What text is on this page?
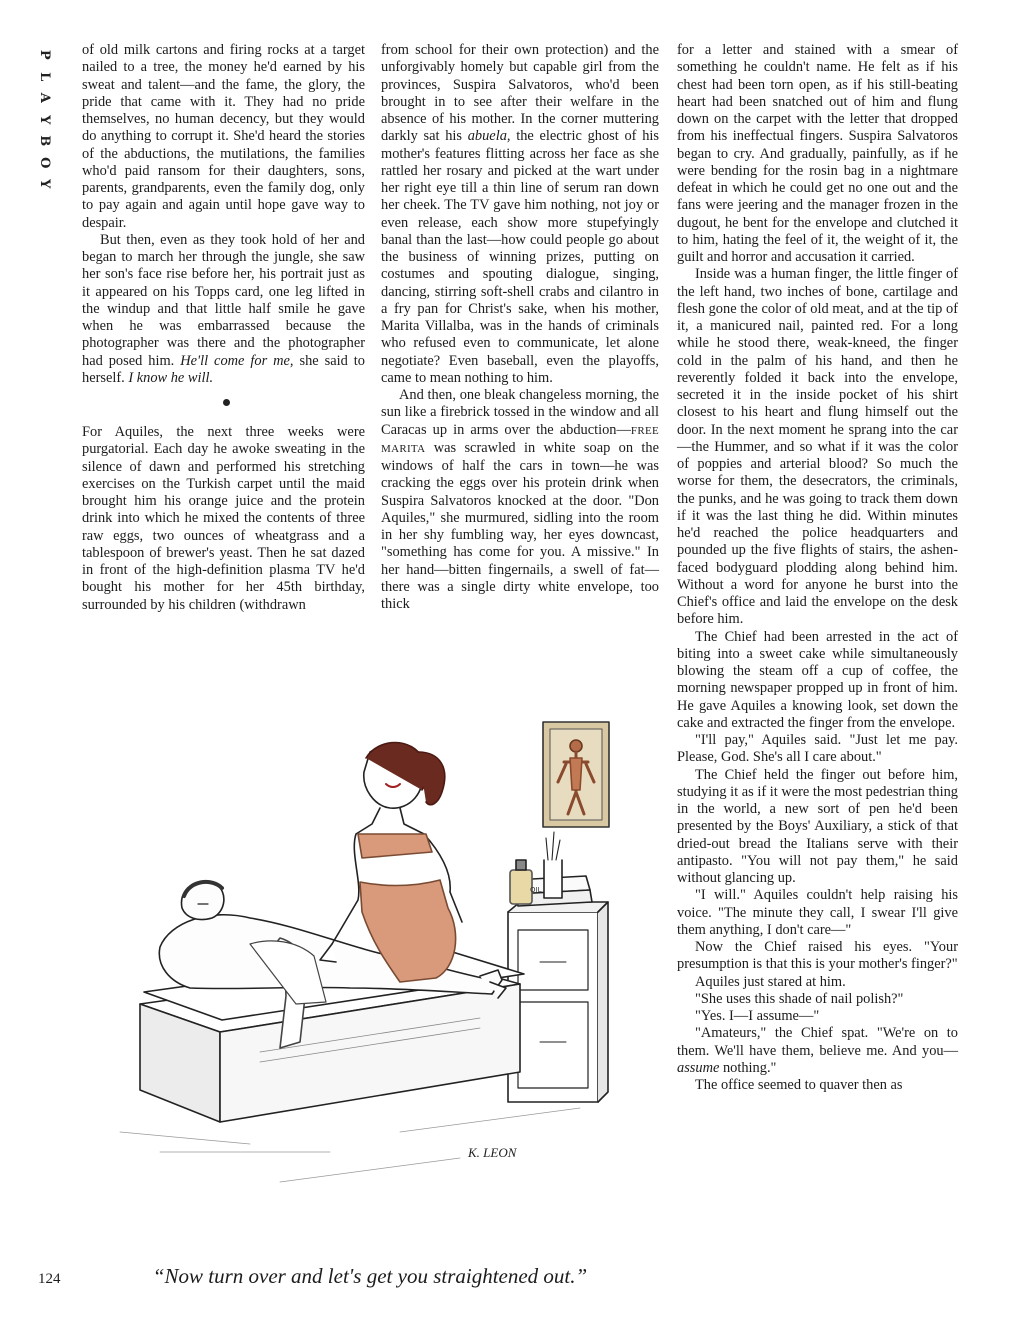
P
L
A
Y
B
O
Y

of old milk cartons and firing rocks at a target nailed to a tree, the money he'd earned by his sweat and talent—and the fame, the glory, the pride that came with it. They had no pride themselves, no human decency, but they would do anything to corrupt it. She'd heard the stories of the abductions, the mutilations, the families who'd paid ransom for their daughters, sons, parents, grandparents, even the family dog, only to pay again and again until hope gave way to despair.

But then, even as they took hold of her and began to march her through the jungle, she saw her son's face rise before her, his portrait just as it appeared on his Topps card, one leg lifted in the windup and that little half smile he gave when he was embarrassed because the photographer was there and the photographer had posed him. He'll come for me, she said to herself. I know he will.

For Aquiles, the next three weeks were purgatorial. Each day he awoke sweating in the silence of dawn and performed his stretching exercises on the Turkish carpet until the maid brought him his orange juice and the protein drink into which he mixed the contents of three raw eggs, two ounces of wheatgrass and a tablespoon of brewer's yeast. Then he sat dazed in front of the high-definition plasma TV he'd bought his mother for her 45th birthday, surrounded by his children (withdrawn

from school for their own protection) and the unforgivably homely but capable girl from the provinces, Suspira Salvatoros, who'd been brought in to see after their welfare in the absence of his mother. In the corner muttering darkly sat his abuela, the electric ghost of his mother's features flitting across her face as she rattled her rosary and picked at the wart under her right eye till a thin line of serum ran down her cheek. The TV gave him nothing, not joy or even release, each show more stupefyingly banal than the last—how could people go about the business of winning prizes, putting on costumes and spouting dialogue, singing, dancing, stirring soft-shell crabs and cilantro in a fry pan for Christ's sake, when his mother, Marita Villalba, was in the hands of criminals who refused even to communicate, let alone negotiate? Even baseball, even the playoffs, came to mean nothing to him.

And then, one bleak changeless morning, the sun like a firebrick tossed in the window and all Caracas up in arms over the abduction—FREE MARITA was scrawled in white soap on the windows of half the cars in town—he was cracking the eggs over his protein drink when Suspira Salvatoros knocked at the door. "Don Aquiles," she murmured, sidling into the room in her shy fumbling way, her eyes downcast, "something has come for you. A missive." In her hand—bitten fingernails, a swell of fat—there was a single dirty white envelope, too thick

for a letter and stained with a smear of something he couldn't name. He felt as if his chest had been torn open, as if his still-beating heart had been snatched out of him and flung down on the carpet with the letter that dropped from his ineffectual fingers. Suspira Salvatoros began to cry. And gradually, painfully, as if he were bending for the rosin bag in a nightmare defeat in which he could get no one out and the fans were jeering and the manager frozen in the dugout, he bent for the envelope and clutched it to him, hating the feel of it, the weight of it, the guilt and horror and accusation it carried.

Inside was a human finger, the little finger of the left hand, two inches of bone, cartilage and flesh gone the color of old meat, and at the tip of it, a manicured nail, painted red. For a long while he stood there, weak-kneed, the finger cold in the palm of his hand, and then he reverently folded it back into the envelope, secreted it in the inside pocket of his shirt closest to his heart and flung himself out the door. In the next moment he sprang into the car—the Hummer, and so what if it was the color of poppies and arterial blood? So much the worse for them, the desecrators, the criminals, the punks, and he was going to track them down if it was the last thing he did. Within minutes he'd reached the police headquarters and pounded up the five flights of stairs, the ashen-faced bodyguard plodding along behind him. Without a word for anyone he burst into the Chief's office and laid the envelope on the desk before him.

The Chief had been arrested in the act of biting into a sweet cake while simultaneously blowing the steam off a cup of coffee, the morning newspaper propped up in front of him. He gave Aquiles a knowing look, set down the cake and extracted the finger from the envelope.

"I'll pay," Aquiles said. "Just let me pay. Please, God. She's all I care about."

The Chief held the finger out before him, studying it as if it were the most pedestrian thing in the world, a new sort of pen he'd been presented by the Boys' Auxiliary, a stick of that dried-out bread the Italians serve with their antipasto. "You will not pay them," he said without glancing up.

"I will." Aquiles couldn't help raising his voice. "The minute they call, I swear I'll give them anything, I don't care—"

Now the Chief raised his eyes. "Your presumption is that this is your mother's finger?"

Aquiles just stared at him.

"She uses this shade of nail polish?"

"Yes. I—I assume—"

"Amateurs," the Chief spat. "We're on to them. We'll have them, believe me. And you—assume nothing."

The office seemed to quaver then as

OIL
K. LEON
124	“Now turn over and let's get you straightened out.”
